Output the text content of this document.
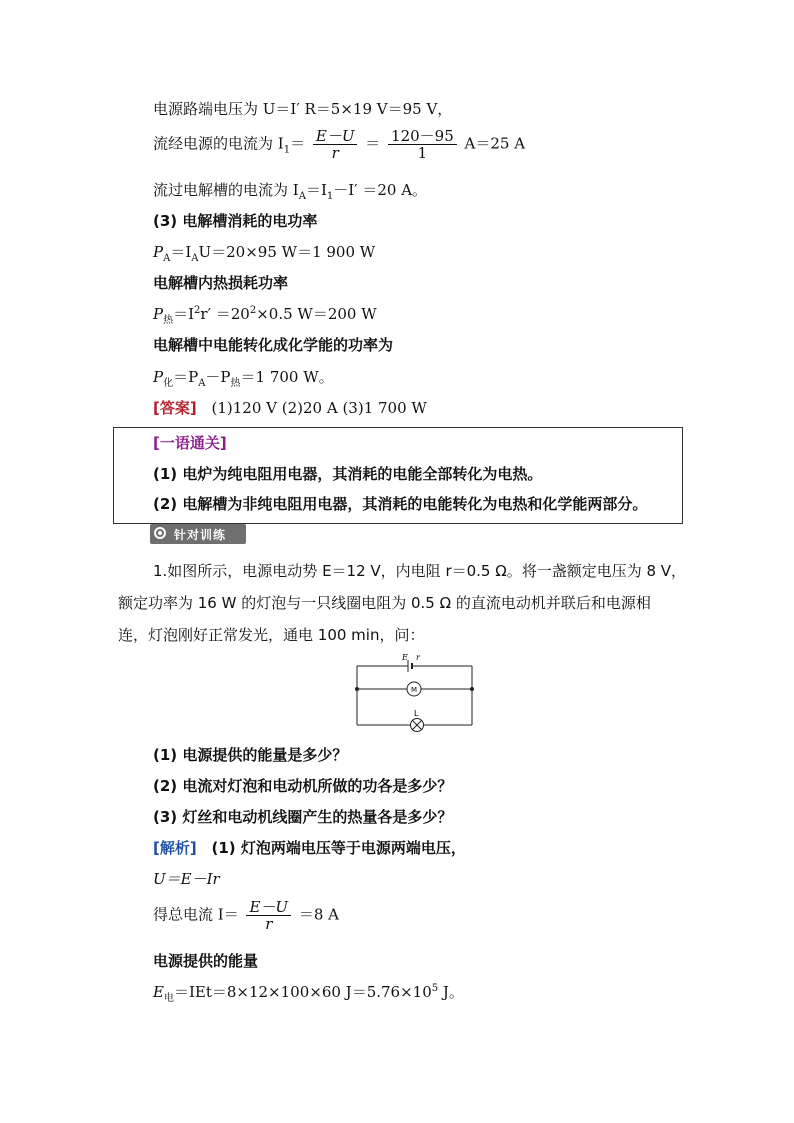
电源路端电压为 U＝I′ R＝5×19 V＝95 V，
流经电源的电流为 $I_1= \frac{E-U}{r} = \frac{120-95}{1} A=25$ A
流过电解槽的电流为 $I_A=I_1-I' =20$ A。
(3) 电解槽消耗的电功率
$P_A=I_AU=20\times 95$ W＝1 900 W
电解槽内热损耗功率
$P_热=I^2r' =20^2\times 0.5$ W＝200 W
电解槽中电能转化成化学能的功率为
$P_化=P_A-P_热=1$ 700 W。
[答案] (1)120 V (2)20 A (3)1 700 W
[一语通关]
(1) 电炉为纯电阻用电器，其消耗的电能全部转化为电热。
(2) 电解槽为非纯电阻用电器，其消耗的电能转化为电热和化学能两部分。
针对训练
1.如图所示，电源电动势 E＝12 V，内电阻 r＝0.5 Ω。将一盏额定电压为 8 V，
额定功率为 16 W 的灯泡与一只线圈电阻为 0.5 Ω 的直流电动机并联后和电源相
连，灯泡刚好正常发光，通电 100 min，问：
E r
M
L
(1) 电源提供的能量是多少？
(2) 电流对灯泡和电动机所做的功各是多少？
(3) 灯丝和电动机线圈产生的热量各是多少？
[解析] (1) 灯泡两端电压等于电源两端电压，
U＝E－Ir
得总电流 $I= \frac{E-U}{r} =8$ A
电源提供的能量
$E_电=IEt=8\times 12\times 100\times 60$ $J=5.76\times 10^5$ J。
